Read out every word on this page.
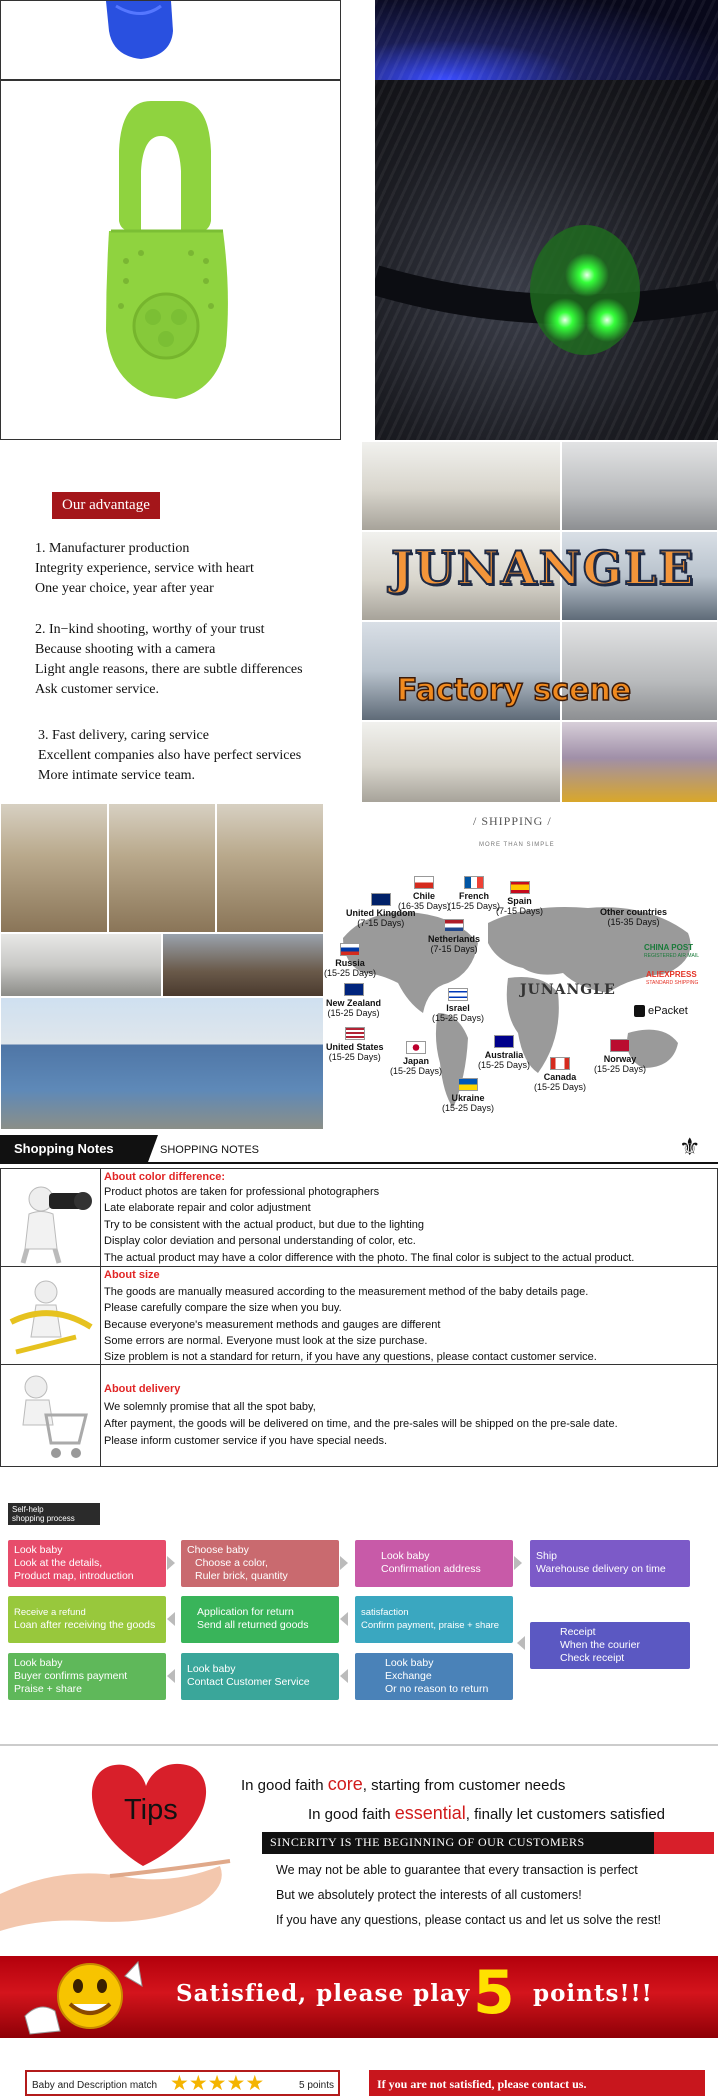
Our advantage
1. Manufacturer production
Integrity experience, service with heart
One year choice, year after year
2. In−kind shooting, worthy of your trust
Because shooting with a camera
Light angle reasons, there are subtle differences
Ask customer service.
3. Fast delivery, caring service
Excellent companies also have perfect services
More intimate service team.
JUNANGLE
Factory scene
/ SHIPPING /
MORE THAN SIMPLE
Chile
(16-35 Days)
French
(15-25 Days) Spain
(7-15 Days)
United Kingdom
(7-15 Days)
Other countries
(15-35 Days)
Netherlands
(7-15 Days)
Russia
(15-25 Days)
New Zealand
(15-25 Days)	Israel
(15-25 Days)
United States
(15-25 Days)	Japan
(15-25 Days)
Australia
(15-25 Days)
Canada
(15-25 Days)
Norway
(15-25 Days)
Ukraine
(15-25 Days)
JUNANGLE
CHINA POST
REGISTERED AIR MAIL
ALIEXPRESS
STANDARD SHIPPING
ePacket
Shopping Notes	SHOPPING NOTES	⚜
About color difference:
Product photos are taken for professional photographers
Late elaborate repair and color adjustment
Try to be consistent with the actual product, but due to the lighting
Display color deviation and personal understanding of color, etc.
The actual product may have a color difference with the photo. The final color is subject to the actual product.
About size
The goods are manually measured according to the measurement method of the baby details page.
Please carefully compare the size when you buy.
Because everyone's measurement methods and gauges are different
Some errors are normal. Everyone must look at the size purchase.
Size problem is not a standard for return, if you have any questions, please contact customer service.
About delivery
We solemnly promise that all the spot baby,
After payment, the goods will be delivered on time, and the pre-sales will be shipped on the pre-sale date.
Please inform customer service if you have special needs.
Self-help
shopping process
Look baby
Look at the details,
Product map, introduction
Choose baby
Choose a color,
Ruler brick, quantity
Look baby
Confirmation address
Ship
Warehouse delivery on time
Receive a refund
Loan after receiving the goods
Application for return
Send all returned goods
satisfaction
Confirm payment, praise + share
Receipt
When the courier
Check receipt
Look baby
Buyer confirms payment
Praise + share
Look baby
Contact Customer Service
Look baby
Exchange
Or no reason to return
Tips
In good faith core, starting from customer needs
In good faith essential, finally let customers satisfied
SINCERITY IS THE BEGINNING OF OUR CUSTOMERS
We may not be able to guarantee that every transaction is perfect
But we absolutely protect the interests of all customers!
If you have any questions, please contact us and let us solve the rest!
Satisfied, please play 5 points!!!
Baby and Description match ★★★★★	5 points	If you are not satisfied, please contact us.
